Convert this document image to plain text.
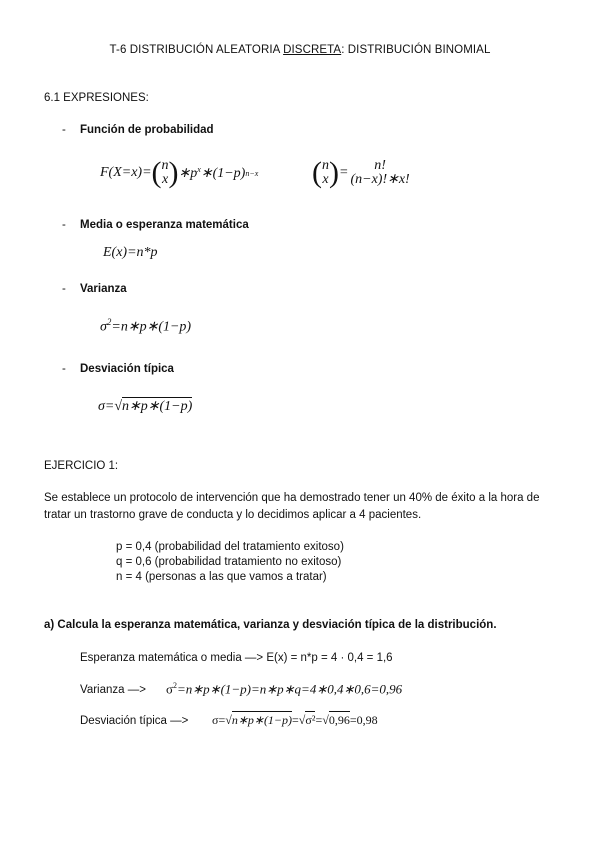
T-6 DISTRIBUCIÓN ALEATORIA DISCRETA: DISTRIBUCIÓN BINOMIAL
6.1 EXPRESIONES:
- Función de probabilidad
F(X=x)= ( n
x ) $∗p^x$ ∗(1−p) n−x ( n
x ) =	n!
(n−x)!∗x!
- Media o esperanza matemática
E(x)=n*p
- Varianza
$\sigma^2=n∗p∗(1-p)$
- Desviación típica
σ=√n∗p∗(1−p)
EJERCICIO 1:
Se establece un protocolo de intervención que ha demostrado tener un 40% de éxito a la hora de tratar un trastorno grave de conducta y lo decidimos aplicar a 4 pacientes.
p = 0,4 (probabilidad del tratamiento exitoso)
q = 0,6 (probabilidad tratamiento no exitoso)
n = 4 (personas a las que vamos a tratar)
a) Calcula la esperanza matemática, varianza y desviación típica de la distribución.
Esperanza matemática o media —> E(x) = n*p = 4 · 0,4 = 1,6
Varianza —> $\sigma^2=n∗p∗(1-p)=n∗p∗q=4∗0,4∗0,6=0,96$
Desviación típica —> σ=√n∗p∗(1−p)=√σ²=√0,96=0,98
